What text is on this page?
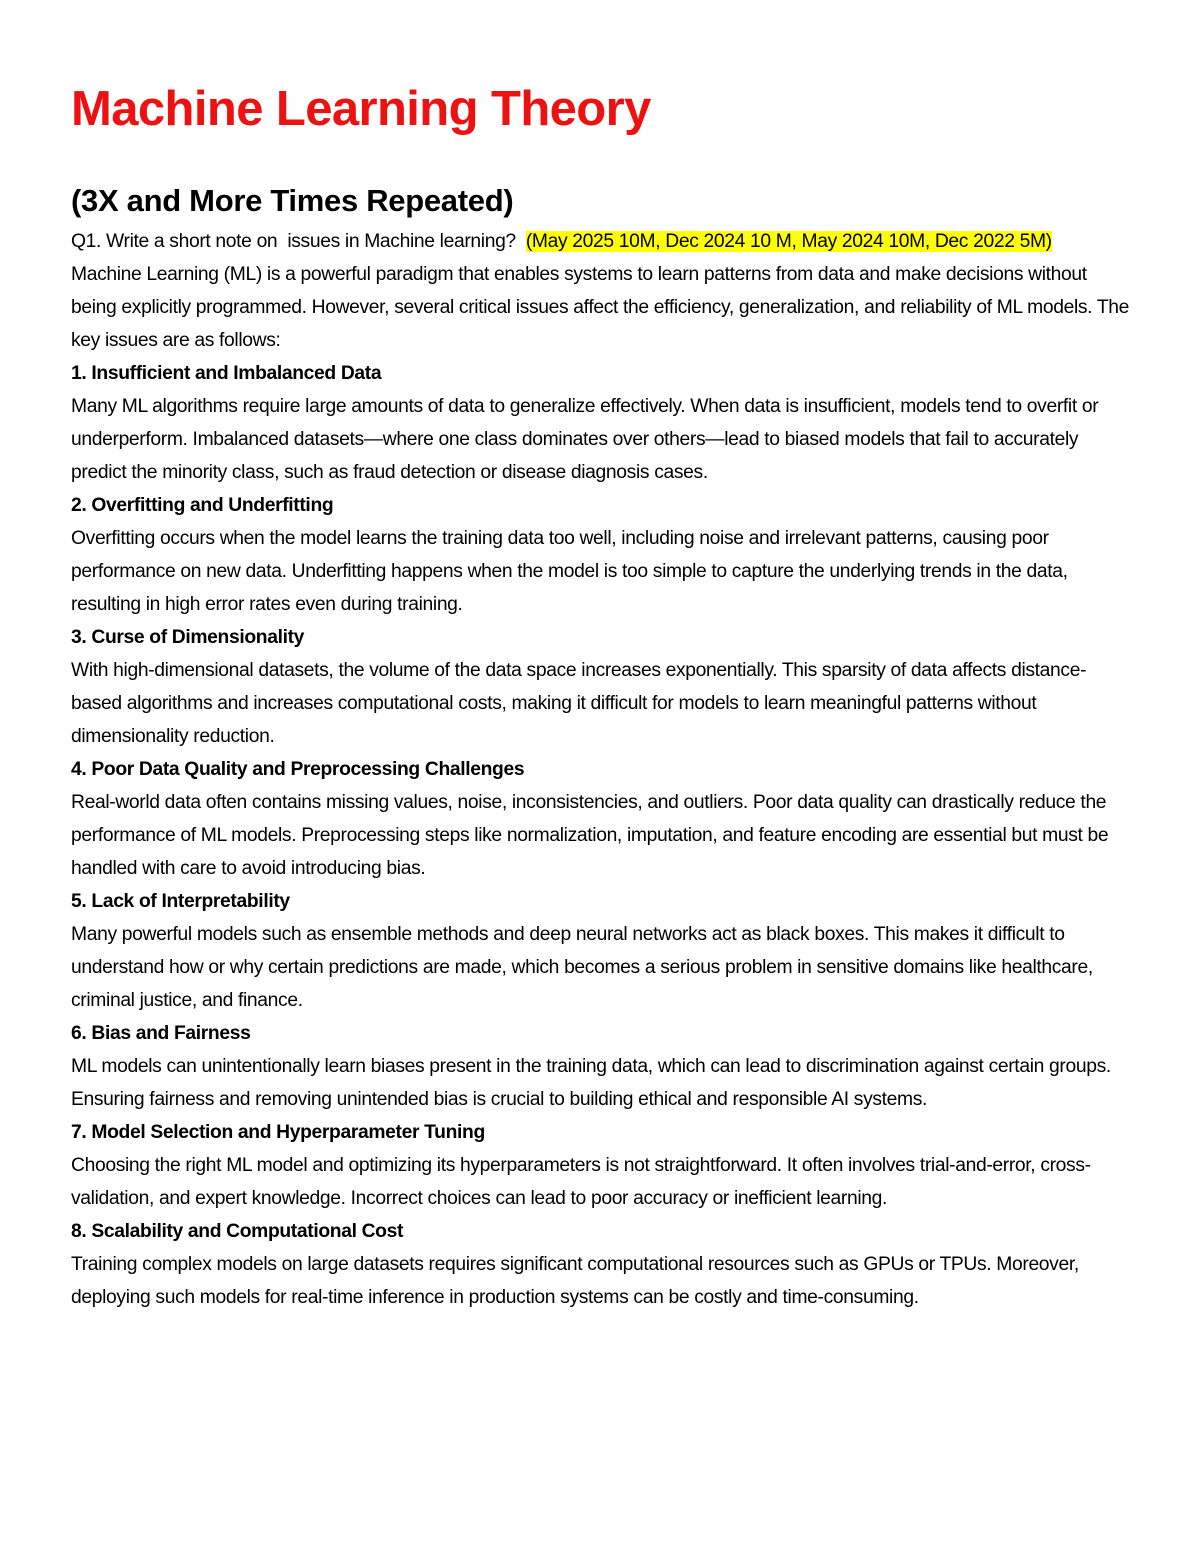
Machine Learning Theory
(3X and More Times Repeated)

Q1. Write a short note on  issues in Machine learning?  (May 2025 10M, Dec 2024 10 M, May 2024 10M, Dec 2022 5M)

Machine Learning (ML) is a powerful paradigm that enables systems to learn patterns from data and make decisions without being explicitly programmed. However, several critical issues affect the efficiency, generalization, and reliability of ML models. The key issues are as follows:

1. Insufficient and Imbalanced Data

Many ML algorithms require large amounts of data to generalize effectively. When data is insufficient, models tend to overfit or underperform. Imbalanced datasets—where one class dominates over others—lead to biased models that fail to accurately predict the minority class, such as fraud detection or disease diagnosis cases.

2. Overfitting and Underfitting

Overfitting occurs when the model learns the training data too well, including noise and irrelevant patterns, causing poor performance on new data. Underfitting happens when the model is too simple to capture the underlying trends in the data, resulting in high error rates even during training.

3. Curse of Dimensionality

With high-dimensional datasets, the volume of the data space increases exponentially. This sparsity of data affects distance-based algorithms and increases computational costs, making it difficult for models to learn meaningful patterns without dimensionality reduction.

4. Poor Data Quality and Preprocessing Challenges

Real-world data often contains missing values, noise, inconsistencies, and outliers. Poor data quality can drastically reduce the performance of ML models. Preprocessing steps like normalization, imputation, and feature encoding are essential but must be handled with care to avoid introducing bias.

5. Lack of Interpretability

Many powerful models such as ensemble methods and deep neural networks act as black boxes. This makes it difficult to understand how or why certain predictions are made, which becomes a serious problem in sensitive domains like healthcare, criminal justice, and finance.

6. Bias and Fairness

ML models can unintentionally learn biases present in the training data, which can lead to discrimination against certain groups. Ensuring fairness and removing unintended bias is crucial to building ethical and responsible AI systems.

7. Model Selection and Hyperparameter Tuning

Choosing the right ML model and optimizing its hyperparameters is not straightforward. It often involves trial-and-error, cross-validation, and expert knowledge. Incorrect choices can lead to poor accuracy or inefficient learning.

8. Scalability and Computational Cost

Training complex models on large datasets requires significant computational resources such as GPUs or TPUs. Moreover, deploying such models for real-time inference in production systems can be costly and time-consuming.
